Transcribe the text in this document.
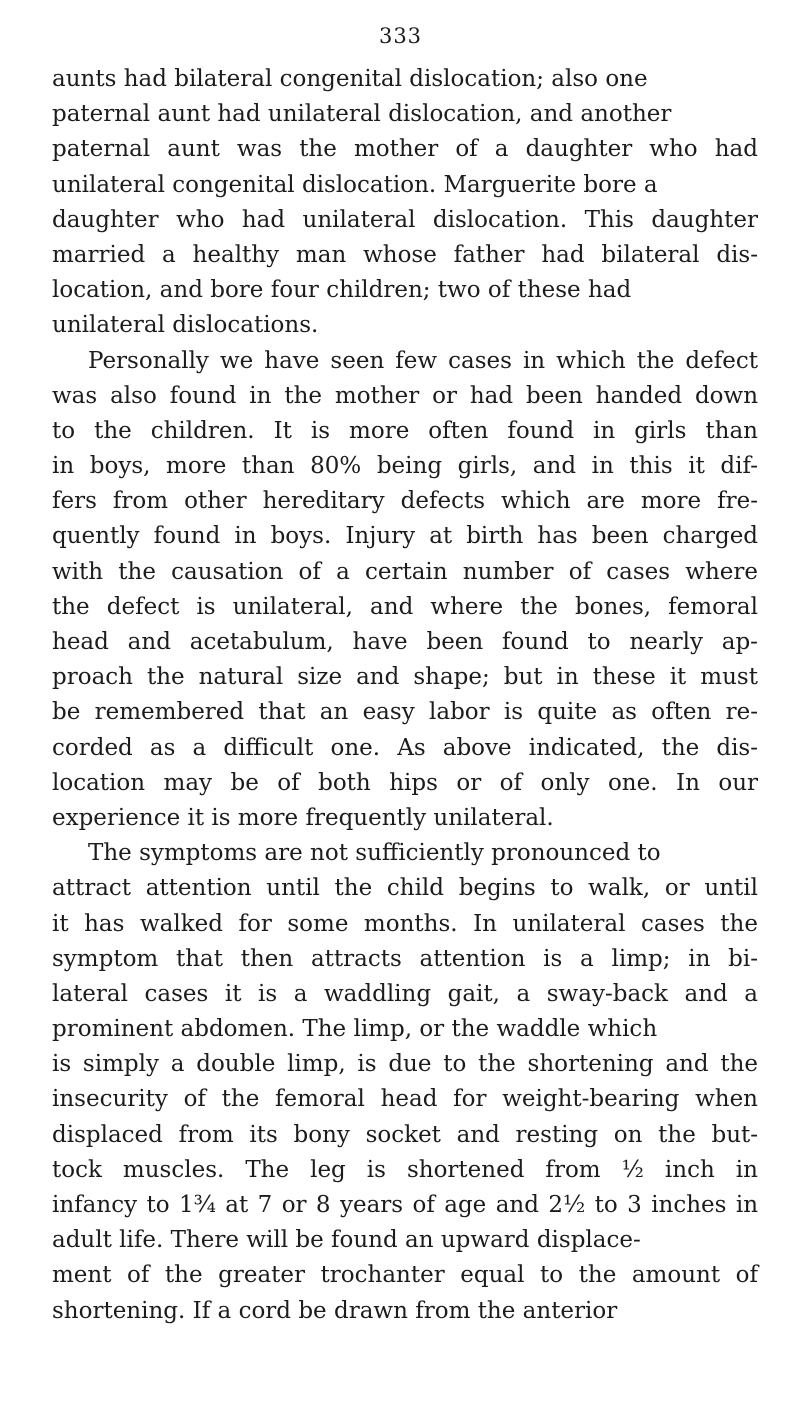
333
aunts had bilateral congenital dislocation; also one
paternal aunt had unilateral dislocation, and another
paternal aunt was the mother of a daughter who had
unilateral congenital dislocation. Marguerite bore a
daughter who had unilateral dislocation. This daughter
married a healthy man whose father had bilateral dis-
location, and bore four children; two of these had
unilateral dislocations.
Personally we have seen few cases in which the defect
was also found in the mother or had been handed down
to the children. It is more often found in girls than
in boys, more than 80% being girls, and in this it dif-
fers from other hereditary defects which are more fre-
quently found in boys. Injury at birth has been charged
with the causation of a certain number of cases where
the defect is unilateral, and where the bones, femoral
head and acetabulum, have been found to nearly ap-
proach the natural size and shape; but in these it must
be remembered that an easy labor is quite as often re-
corded as a difficult one. As above indicated, the dis-
location may be of both hips or of only one. In our
experience it is more frequently unilateral.
The symptoms are not sufficiently pronounced to
attract attention until the child begins to walk, or until
it has walked for some months. In unilateral cases the
symptom that then attracts attention is a limp; in bi-
lateral cases it is a waddling gait, a sway-back and a
prominent abdomen. The limp, or the waddle which
is simply a double limp, is due to the shortening and the
insecurity of the femoral head for weight-bearing when
displaced from its bony socket and resting on the but-
tock muscles. The leg is shortened from ½ inch in
infancy to 1¾ at 7 or 8 years of age and 2½ to 3 inches in
adult life. There will be found an upward displace-
ment of the greater trochanter equal to the amount of
shortening. If a cord be drawn from the anterior
